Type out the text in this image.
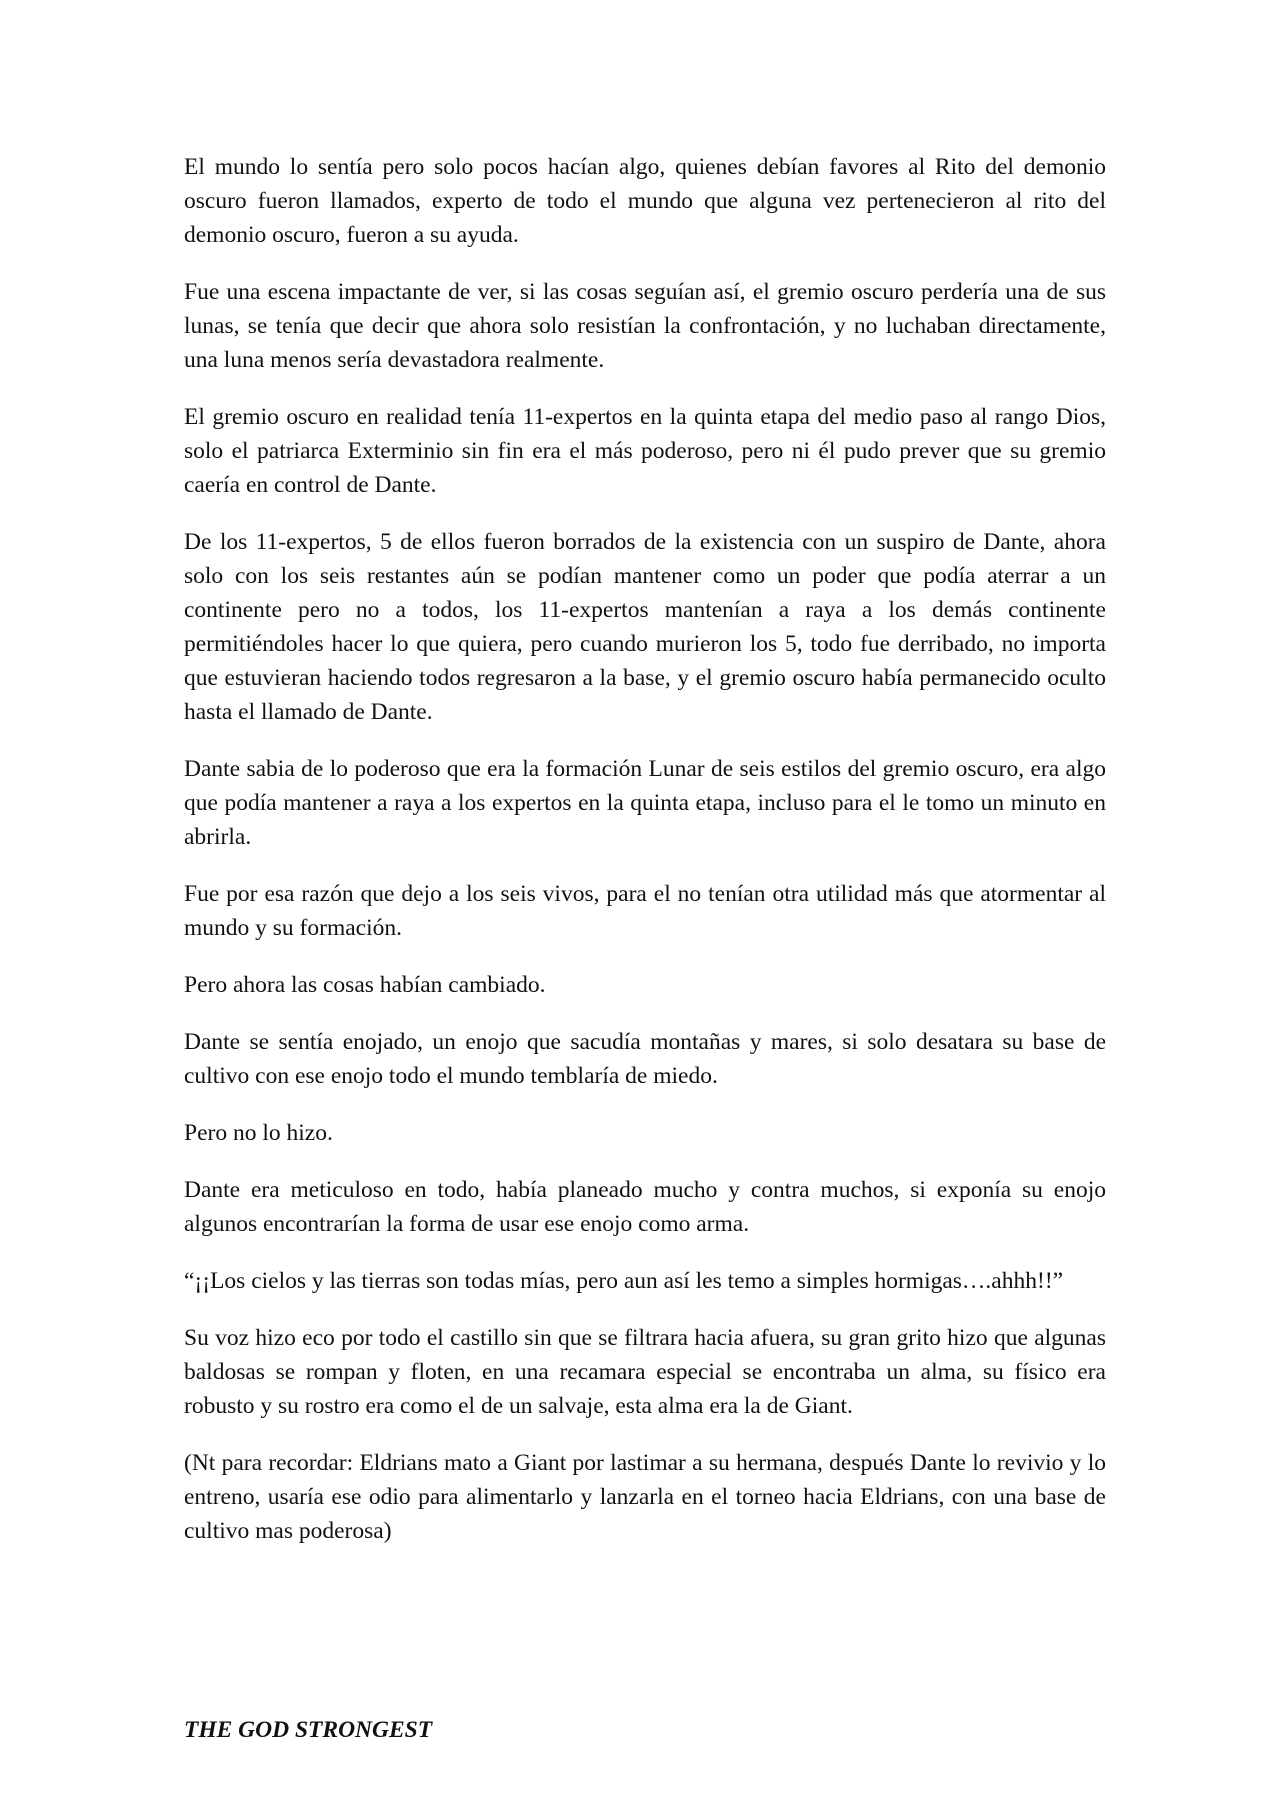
El mundo lo sentía pero solo pocos hacían algo, quienes debían favores al Rito del demonio oscuro fueron llamados, experto de todo el mundo que alguna vez pertenecieron al rito del demonio oscuro, fueron a su ayuda.

Fue una escena impactante de ver, si las cosas seguían así, el gremio oscuro perdería una de sus lunas, se tenía que decir que ahora solo resistían la confrontación, y no luchaban directamente, una luna menos sería devastadora realmente.

El gremio oscuro en realidad tenía 11-expertos en la quinta etapa del medio paso al rango Dios, solo el patriarca Exterminio sin fin era el más poderoso, pero ni él pudo prever que su gremio caería en control de Dante.

De los 11-expertos, 5 de ellos fueron borrados de la existencia con un suspiro de Dante, ahora solo con los seis restantes aún se podían mantener como un poder que podía aterrar a un continente pero no a todos, los 11-expertos mantenían a raya a los demás continente permitiéndoles hacer lo que quiera, pero cuando murieron los 5, todo fue derribado, no importa que estuvieran haciendo todos regresaron a la base, y el gremio oscuro había permanecido oculto hasta el llamado de Dante.

Dante sabia de lo poderoso que era la formación Lunar de seis estilos del gremio oscuro, era algo que podía mantener a raya a los expertos en la quinta etapa, incluso para el le tomo un minuto en abrirla.

Fue por esa razón que dejo a los seis vivos, para el no tenían otra utilidad más que atormentar al mundo y su formación.

Pero ahora las cosas habían cambiado.

Dante se sentía enojado, un enojo que sacudía montañas y mares, si solo desatara su base de cultivo con ese enojo todo el mundo temblaría de miedo.

Pero no lo hizo.

Dante era meticuloso en todo, había planeado mucho y contra muchos, si exponía su enojo algunos encontrarían la forma de usar ese enojo como arma.

“¡¡Los cielos y las tierras son todas mías, pero aun así les temo a simples hormigas….ahhh!!”

Su voz hizo eco por todo el castillo sin que se filtrara hacia afuera, su gran grito hizo que algunas baldosas se rompan y floten, en una recamara especial se encontraba un alma, su físico era robusto y su rostro era como el de un salvaje, esta alma era la de Giant.

(Nt para recordar: Eldrians mato a Giant por lastimar a su hermana, después Dante lo revivio y lo entreno, usaría ese odio para alimentarlo y lanzarla en el torneo hacia Eldrians, con una base de cultivo mas poderosa)

THE GOD STRONGEST
